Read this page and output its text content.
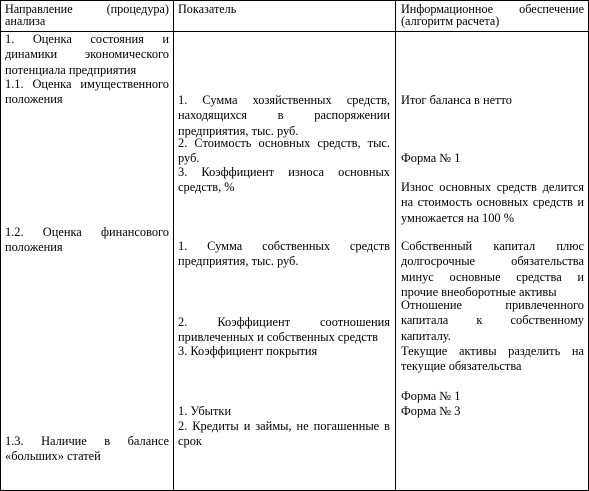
Направление (процедура) анализа
Показатель	Информационное обеспечение (алгоритм расчета)
1. Оценка состояния и динамики экономического потенциала предприятия
1.1. Оценка имущественного положения
1.2. Оценка финансового положения
1.3. Наличие в балансе «больших» статей
1. Сумма хозяйственных средств, находящихся в распоряжении предприятия, тыс. руб.
2. Стоимость основных средств, тыс. руб.
3. Коэффициент износа основных средств, %
1. Сумма собственных средств предприятия, тыс. руб.
2. Коэффициент соотношения привлеченных и собственных средств
3. Коэффициент покрытия
1. Убытки
2. Кредиты и займы, не погашенные в срок
Итог баланса в нетто
Форма № 1
Износ основных средств делится на стоимость основных средств и умножается на 100 %
Собственный капитал плюс долгосрочные обязательства минус основные средства и прочие внеоборотные активы
Отношение привлеченного капитала к собственному капиталу.
Текущие активы разделить на текущие обязательства
Форма № 1
Форма № 3
